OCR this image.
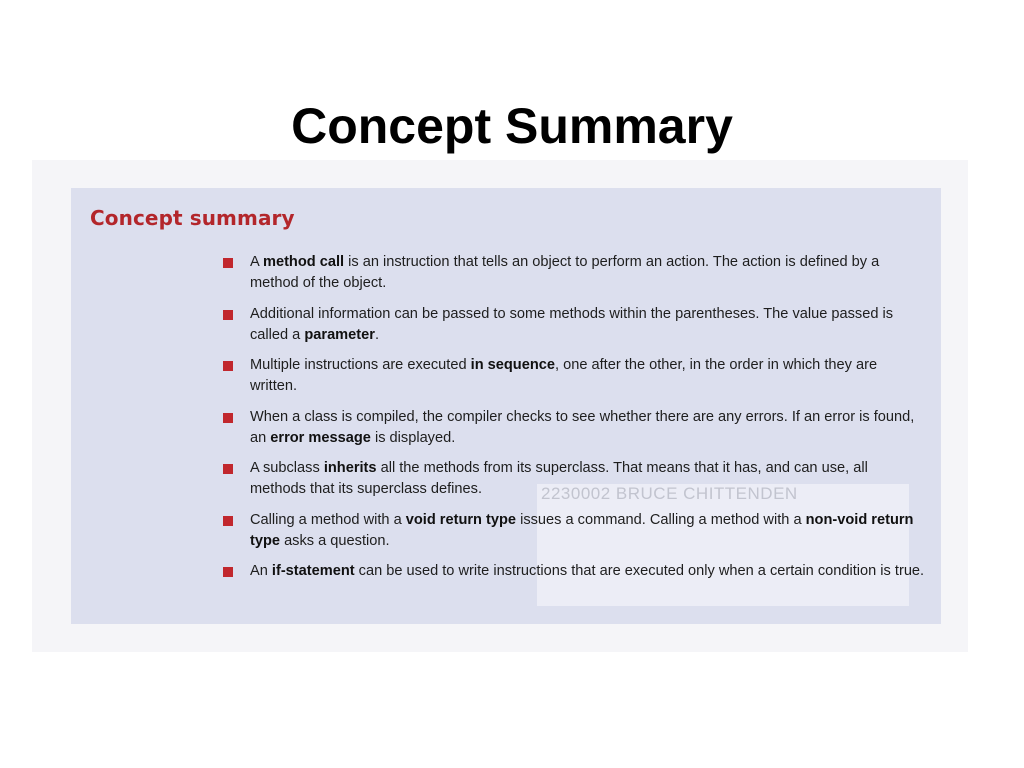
Concept Summary
2230002 BRUCE CHITTENDEN
Concept summary
A method call is an instruction that tells an object to perform an action. The action is defined by a method of the object.
Additional information can be passed to some methods within the parentheses. The value passed is called a parameter.
Multiple instructions are executed in sequence, one after the other, in the order in which they are written.
When a class is compiled, the compiler checks to see whether there are any errors. If an error is found, an error message is displayed.
A subclass inherits all the methods from its superclass. That means that it has, and can use, all methods that its superclass defines.
Calling a method with a void return type issues a command. Calling a method with a non-void return type asks a question.
An if-statement can be used to write instructions that are executed only when a certain condition is true.
